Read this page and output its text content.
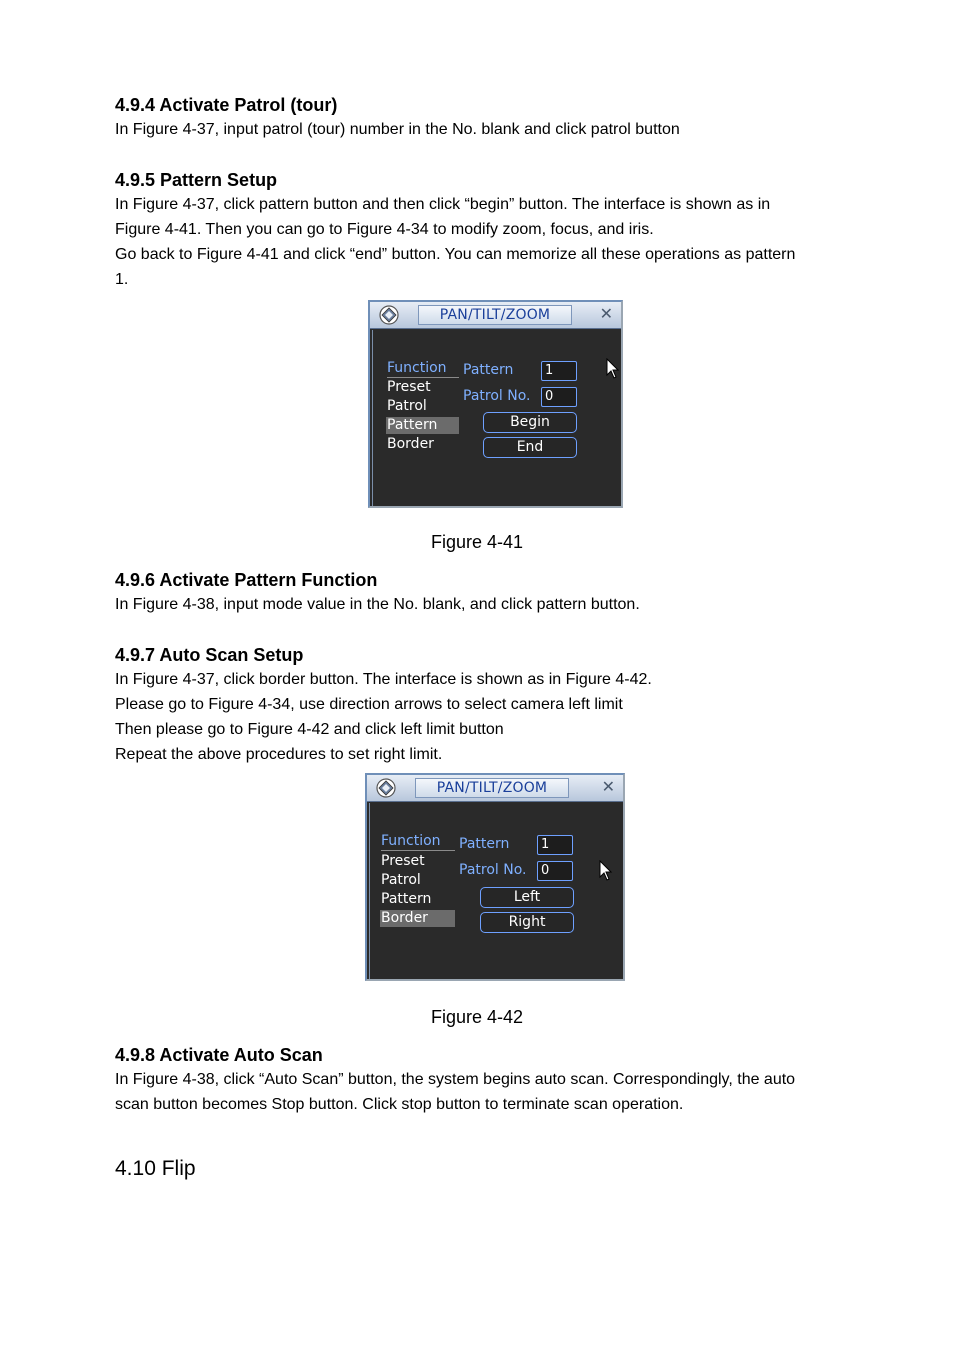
4.9.4 Activate Patrol (tour)
In Figure 4-37, input patrol (tour) number in the No. blank and click patrol button
4.9.5 Pattern Setup
In Figure 4-37, click pattern button and then click “begin” button. The interface is shown as in
Figure 4-41. Then you can go to Figure 4-34 to modify zoom, focus, and iris.
Go back to Figure 4-41 and click “end” button. You can memorize all these operations as pattern
1.
PAN/TILT/ZOOM	✕
Function
Preset
Patrol
Pattern
Border
Pattern	1
Patrol No.	0
Begin
End
Figure 4-41
4.9.6 Activate Pattern Function
In Figure 4-38, input mode value in the No. blank, and click pattern button.
4.9.7 Auto Scan Setup
In Figure 4-37, click border button. The interface is shown as in Figure 4-42.
Please go to Figure 4-34, use direction arrows to select camera left limit
Then please go to Figure 4-42 and click left limit button
Repeat the above procedures to set right limit.
PAN/TILT/ZOOM	✕
Function
Preset
Patrol
Pattern
Border
Pattern	1
Patrol No.	0
Left
Right
Figure 4-42
4.9.8 Activate Auto Scan
In Figure 4-38, click “Auto Scan” button, the system begins auto scan. Correspondingly, the auto
scan button becomes Stop button. Click stop button to terminate scan operation.
4.10 Flip
